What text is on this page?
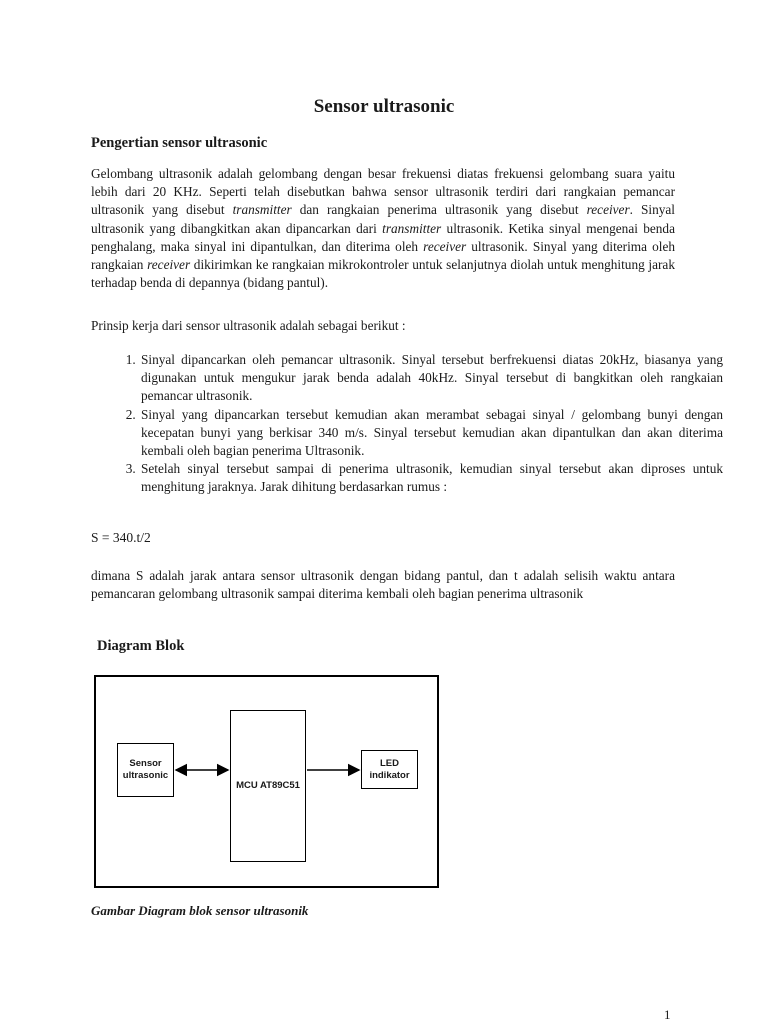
Sensor ultrasonic
Pengertian sensor ultrasonic

Gelombang ultrasonik adalah gelombang dengan besar frekuensi diatas frekuensi gelombang suara yaitu lebih dari 20 KHz. Seperti telah disebutkan bahwa sensor ultrasonik terdiri dari rangkaian pemancar ultrasonik yang disebut transmitter dan rangkaian penerima ultrasonik yang disebut receiver. Sinyal ultrasonik yang dibangkitkan akan dipancarkan dari transmitter ultrasonik. Ketika sinyal mengenai benda penghalang, maka sinyal ini dipantulkan, dan diterima oleh receiver ultrasonik. Sinyal yang diterima oleh rangkaian receiver dikirimkan ke rangkaian mikrokontroler untuk selanjutnya diolah untuk menghitung jarak terhadap benda di depannya (bidang pantul).

Prinsip kerja dari sensor ultrasonik adalah sebagai berikut :

1. Sinyal dipancarkan oleh pemancar ultrasonik. Sinyal tersebut berfrekuensi diatas 20kHz, biasanya yang digunakan untuk mengukur jarak benda adalah 40kHz. Sinyal tersebut di bangkitkan oleh rangkaian pemancar ultrasonik.
2. Sinyal yang dipancarkan tersebut kemudian akan merambat sebagai sinyal / gelombang bunyi dengan kecepatan bunyi yang berkisar 340 m/s. Sinyal tersebut kemudian akan dipantulkan dan akan diterima kembali oleh bagian penerima Ultrasonik.
3. Setelah sinyal tersebut sampai di penerima ultrasonik, kemudian sinyal tersebut akan diproses untuk menghitung jaraknya. Jarak dihitung berdasarkan rumus :

S = 340.t/2

dimana S adalah jarak antara sensor ultrasonik dengan bidang pantul, dan t adalah selisih waktu antara pemancaran gelombang ultrasonik sampai diterima kembali oleh bagian penerima ultrasonik

Diagram Blok
Sensor ultrasonic
MCU AT89C51
LED indikator

Gambar Diagram blok sensor ultrasonik

1
